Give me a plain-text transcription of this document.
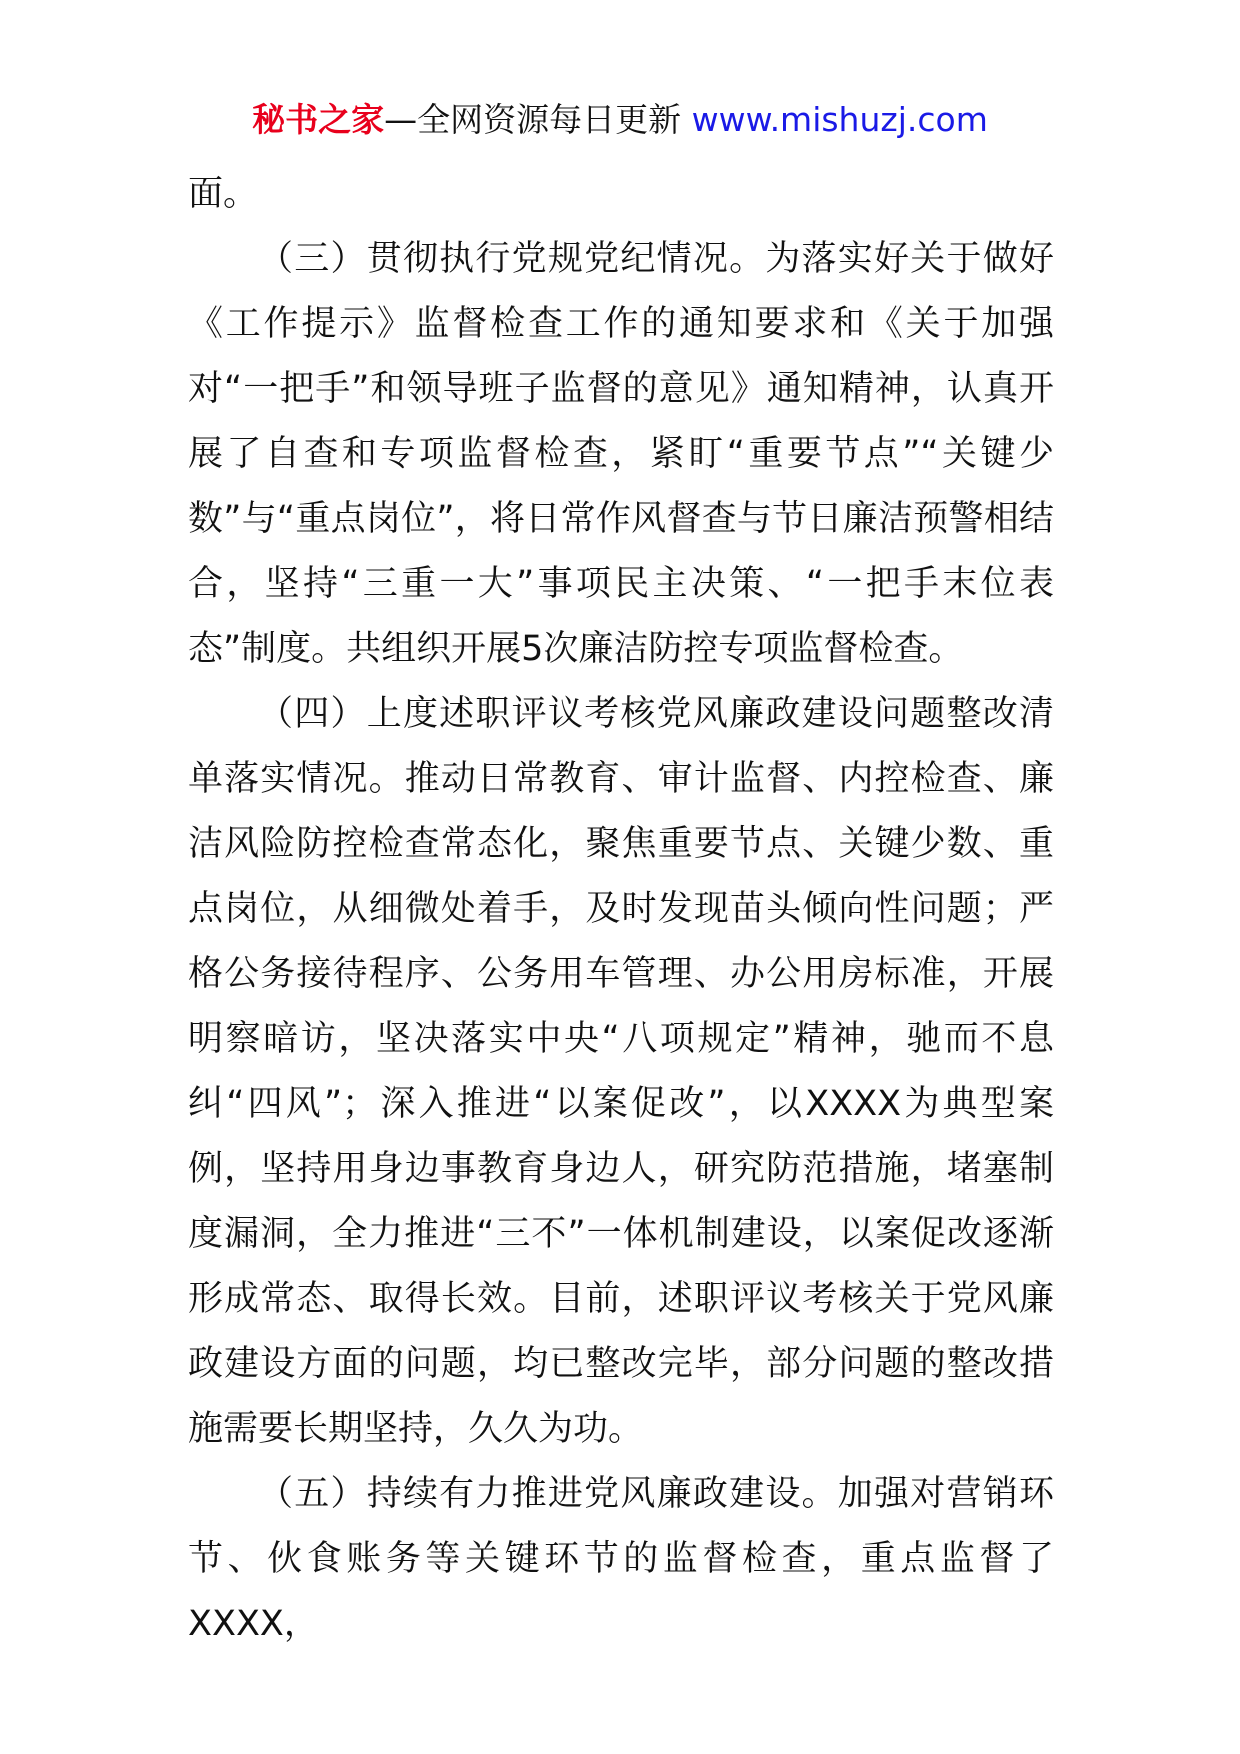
秘书之家—全网资源每日更新 www.mishuzj.com

面。

（三）贯彻执行党规党纪情况。为落实好关于做好《工作提示》监督检查工作的通知要求和《关于加强对“一把手”和领导班子监督的意见》通知精神，认真开展了自查和专项监督检查，紧盯“重要节点”“关键少数”与“重点岗位”，将日常作风督查与节日廉洁预警相结合，坚持“三重一大”事项民主决策、“一把手末位表态”制度。共组织开展5次廉洁防控专项监督检查。

（四）上度述职评议考核党风廉政建设问题整改清单落实情况。推动日常教育、审计监督、内控检查、廉洁风险防控检查常态化，聚焦重要节点、关键少数、重点岗位，从细微处着手，及时发现苗头倾向性问题；严格公务接待程序、公务用车管理、办公用房标准，开展明察暗访，坚决落实中央“八项规定”精神，驰而不息纠“四风”；深入推进“以案促改”，以XXXX为典型案例，坚持用身边事教育身边人，研究防范措施，堵塞制度漏洞，全力推进“三不”一体机制建设，以案促改逐渐形成常态、取得长效。目前，述职评议考核关于党风廉政建设方面的问题，均已整改完毕，部分问题的整改措施需要长期坚持，久久为功。

（五）持续有力推进党风廉政建设。加强对营销环节、伙食账务等关键环节的监督检查，重点监督了XXXX，
